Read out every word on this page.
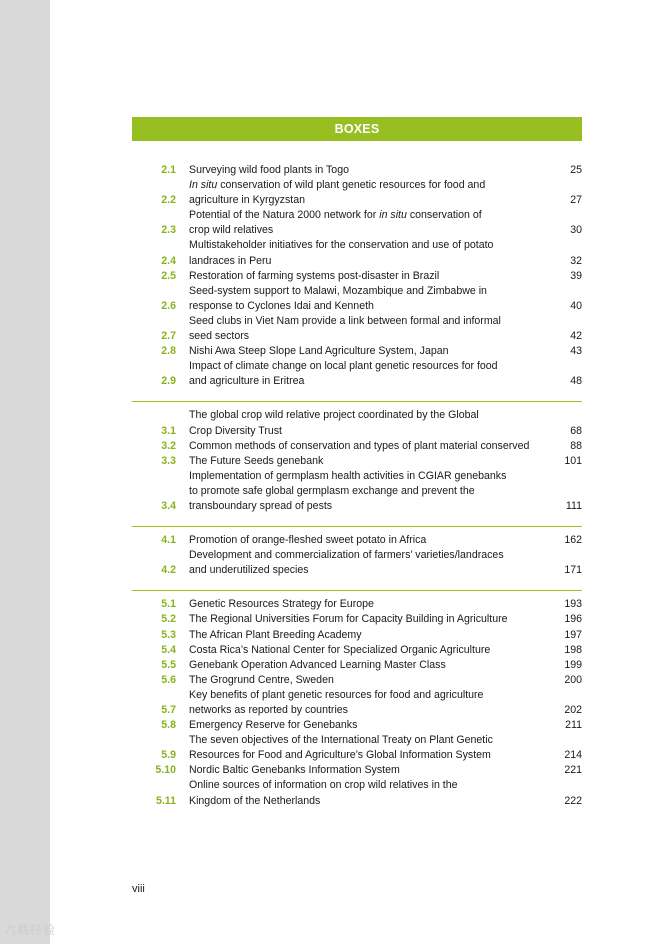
BOXES
2.1	Surveying wild food plants in Togo	25
2.2
In situ conservation of wild plant genetic resources for food and
agriculture in Kyrgyzstan	27
2.3
Potential of the Natura 2000 network for in situ conservation of
crop wild relatives	30
2.4
Multistakeholder initiatives for the conservation and use of potato
landraces in Peru	32
2.5	Restoration of farming systems post-disaster in Brazil	39
2.6
Seed-system support to Malawi, Mozambique and Zimbabwe in
response to Cyclones Idai and Kenneth	40
2.7
Seed clubs in Viet Nam provide a link between formal and informal
seed sectors	42
2.8	Nishi Awa Steep Slope Land Agriculture System, Japan	43
2.9
Impact of climate change on local plant genetic resources for food
and agriculture in Eritrea	48
3.1
The global crop wild relative project coordinated by the Global
Crop Diversity Trust	68
3.2	Common methods of conservation and types of plant material conserved	88
3.3	The Future Seeds genebank	101
3.4
Implementation of germplasm health activities in CGIAR genebanks
to promote safe global germplasm exchange and prevent the
transboundary spread of pests	111
4.1	Promotion of orange-fleshed sweet potato in Africa	162
4.2
Development and commercialization of farmers’ varieties/landraces
and underutilized species	171
5.1	Genetic Resources Strategy for Europe	193
5.2	The Regional Universities Forum for Capacity Building in Agriculture	196
5.3	The African Plant Breeding Academy	197
5.4	Costa Rica’s National Center for Specialized Organic Agriculture	198
5.5	Genebank Operation Advanced Learning Master Class	199
5.6	The Grogrund Centre, Sweden	200
5.7
Key benefits of plant genetic resources for food and agriculture
networks as reported by countries	202
5.8	Emergency Reserve for Genebanks	211
5.9
The seven objectives of the International Treaty on Plant Genetic
Resources for Food and Agriculture’s Global Information System	214
5.10	Nordic Baltic Genebanks Information System	221
5.11
Online sources of information on crop wild relatives in the
Kingdom of the Netherlands	222
viii
六载经验
